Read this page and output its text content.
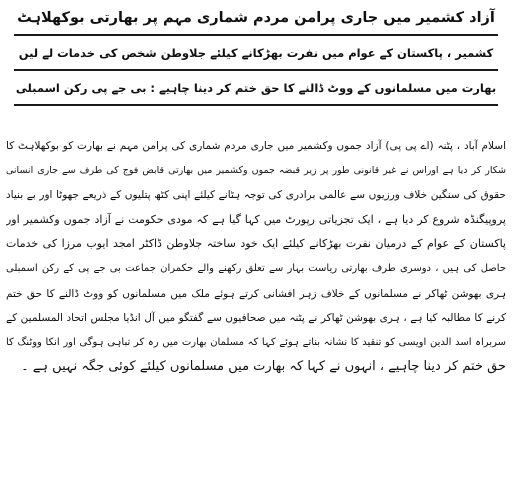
آزاد کشمیر میں جاری پرامن مردم شماری مہم پر بھارتی بوکھلاہٹ
کشمیر ، پاکستان کے عوام میں نفرت بھڑکانے کیلئے جلاوطن شخص کی خدمات لے لیں
بھارت میں مسلمانوں کے ووٹ ڈالنے کا حق ختم کر دینا چاہیے : بی جے پی رکن اسمبلی
اسلام آباد ، پٹنہ (اے پی پی) آزاد جموں وکشمیر میں جاری مردم شماری کی پرامن مہم نے بھارت کو بوکھلاہٹ کا
شکار کر دیا ہے اوراس نے غیر قانونی طور پر زیر قبضہ جموں وکشمیر میں بھارتی قابض فوج کی طرف سے جاری انسانی
حقوق کی سنگین خلاف ورزیوں سے عالمی برادری کی توجہ ہٹانے کیلئے اپنی کٹھ پتلیوں کے ذریعے جھوٹا اور بے بنیاد
پروپیگنڈہ شروع کر دیا ہے ، ایک تجزیاتی رپورٹ میں کہا گیا ہے کہ مودی حکومت نے آزاد جموں وکشمیر اور
پاکستان کے عوام کے درمیان نفرت بھڑکانے کیلئے ایک خود ساختہ جلاوطن ڈاکٹر امجد ایوب مرزا کی خدمات
حاصل کی ہیں ، دوسری طرف بھارتی ریاست بہار سے تعلق رکھنے والے حکمران جماعت بی جے پی کے رکن اسمبلی
ہری بھوشن ٹھاکر نے مسلمانوں کے خلاف زہر افشانی کرتے ہوئے ملک میں مسلمانوں کو ووٹ ڈالنے کا حق ختم
کرنے کا مطالبہ کیا ہے ، ہری بھوشن ٹھاکر نے پٹنہ میں صحافیوں سے گفتگو میں آل انڈیا مجلس اتحاد المسلمین کے
سربراہ اسد الدین اویسی کو تنقید کا نشانہ بناتے ہوئے کہا کہ مسلمان بھارت میں رہ کر تباہی ہوگی اور انکا ووٹنگ کا
حق ختم کر دینا چاہیے ، انہوں نے کہا کہ بھارت میں مسلمانوں کیلئے کوئی جگہ نہیں ہے ۔
